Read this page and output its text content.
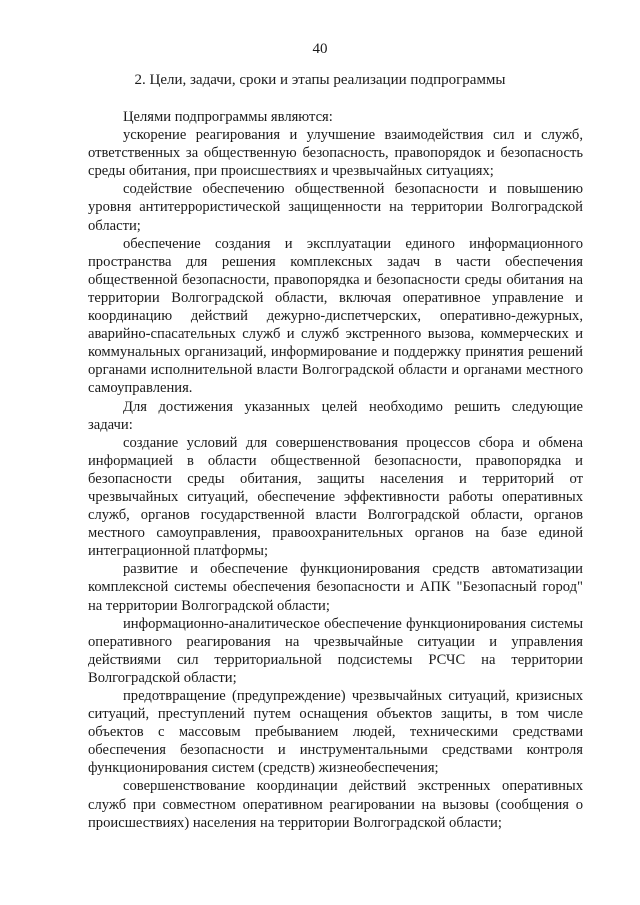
40
2. Цели, задачи, сроки и этапы реализации подпрограммы

Целями подпрограммы являются:

ускорение реагирования и улучшение взаимодействия сил и служб, ответственных за общественную безопасность, правопорядок и безопасность среды обитания, при происшествиях и чрезвычайных ситуациях;

содействие обеспечению общественной безопасности и повышению уровня антитеррористической защищенности на территории Волгоградской области;

обеспечение создания и эксплуатации единого информационного пространства для решения комплексных задач в части обеспечения общественной безопасности, правопорядка и безопасности среды обитания на территории Волгоградской области, включая оперативное управление и координацию действий дежурно-диспетчерских, оперативно-дежурных, аварийно-спасательных служб и служб экстренного вызова, коммерческих и коммунальных организаций, информирование и поддержку принятия решений органами исполнительной власти Волгоградской области и органами местного самоуправления.

Для достижения указанных целей необходимо решить следующие задачи:

создание условий для совершенствования процессов сбора и обмена информацией в области общественной безопасности, правопорядка и безопасности среды обитания, защиты населения и территорий от чрезвычайных ситуаций, обеспечение эффективности работы оперативных служб, органов государственной власти Волгоградской области, органов местного самоуправления, правоохранительных органов на базе единой интеграционной платформы;

развитие и обеспечение функционирования средств автоматизации комплексной системы обеспечения безопасности и АПК "Безопасный город" на территории Волгоградской области;

информационно-аналитическое обеспечение функционирования системы оперативного реагирования на чрезвычайные ситуации и управления действиями сил территориальной подсистемы РСЧС на территории Волгоградской области;

предотвращение (предупреждение) чрезвычайных ситуаций, кризисных ситуаций, преступлений путем оснащения объектов защиты, в том числе объектов с массовым пребыванием людей, техническими средствами обеспечения безопасности и инструментальными средствами контроля функционирования систем (средств) жизнеобеспечения;

совершенствование координации действий экстренных оперативных служб при совместном оперативном реагировании на вызовы (сообщения о происшествиях) населения на территории Волгоградской области;
